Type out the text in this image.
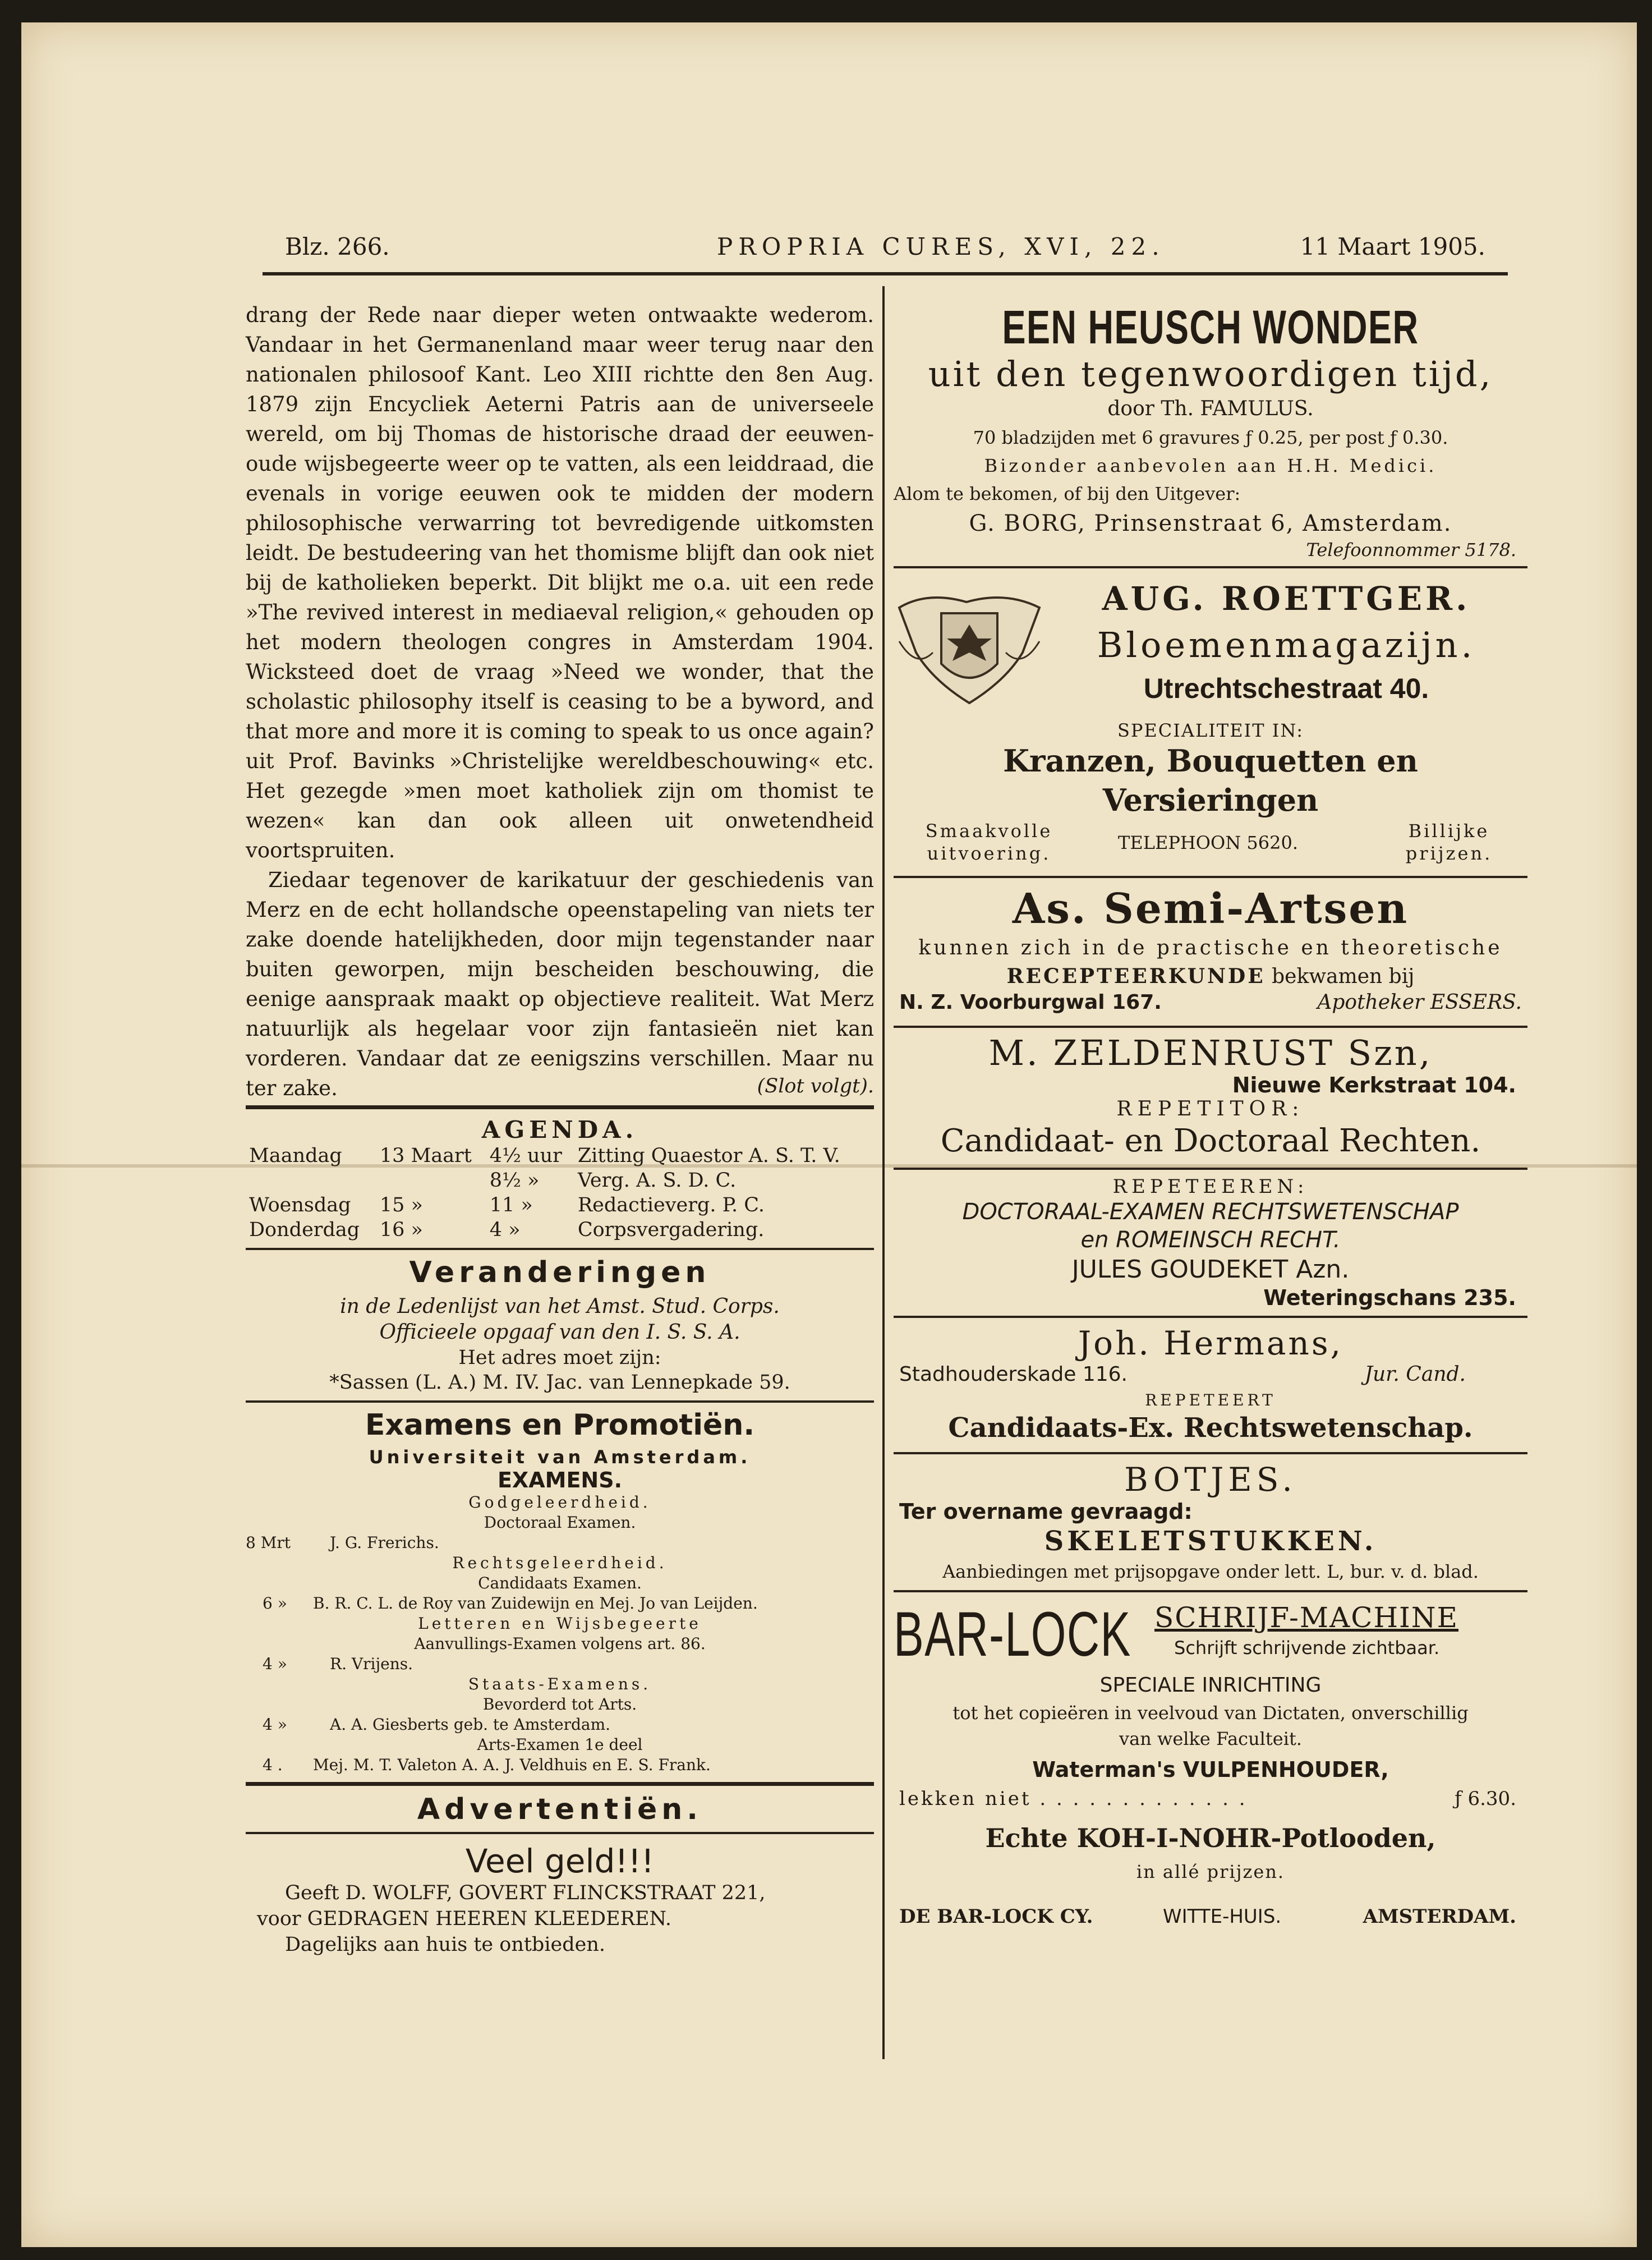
Blz. 266.	PROPRIA CURES, XVI, 22.	11 Maart 1905.

drang der Rede naar dieper weten ontwaakte wederom. Vandaar in het Germanenland maar weer terug naar den nationalen philosoof Kant. Leo XIII richtte den 8en Aug. 1879 zijn Encycliek Aeterni Patris aan de universeele wereld, om bij Thomas de historische draad der eeuwen-oude wijsbegeerte weer op te vatten, als een leiddraad, die evenals in vorige eeuwen ook te midden der modern philosophische verwarring tot bevredigende uitkomsten leidt. De bestudeering van het thomisme blijft dan ook niet bij de katholieken beperkt. Dit blijkt me o.a. uit een rede »The revived interest in mediaeval religion,« gehouden op het modern theologen congres in Amsterdam 1904. Wicksteed doet de vraag »Need we wonder, that the scholastic philosophy itself is ceasing to be a byword, and that more and more it is coming to speak to us once again? uit Prof. Bavinks »Christelijke wereldbeschouwing« etc. Het gezegde »men moet katholiek zijn om thomist te wezen« kan dan ook alleen uit onwetendheid voortspruiten.

Ziedaar tegenover de karikatuur der geschiedenis van Merz en de echt hollandsche opeenstapeling van niets ter zake doende hatelijkheden, door mijn tegenstander naar buiten geworpen, mijn bescheiden beschouwing, die eenige aanspraak maakt op objectieve realiteit. Wat Merz natuurlijk als hegelaar voor zijn fantasieën niet kan vorderen. Vandaar dat ze eenigszins verschillen. Maar nu ter zake.	(Slot volgt).
AGENDA.
Maandag	13 Maart	4½ uur	Zitting Quaestor A. S. T. V.
		8½ »	Verg. A. S. D. C.
Woensdag	15 »	11 »	Redactieverg. P. C.
Donderdag	16 »	4 »	Corpsvergadering.
Veranderingen
in de Ledenlijst van het Amst. Stud. Corps.
Officieele opgaaf van den I. S. S. A.
Het adres moet zijn:
*Sassen (L. A.) M. IV. Jac. van Lennepkade 59.
Examens en Promotiën.
Universiteit van Amsterdam.
EXAMENS.
Godgeleerdheid.
Doctoraal Examen.
8 Mrt J. G. Frerichs.
Rechtsgeleerdheid.
Candidaats Examen.
6 » B. R. C. L. de Roy van Zuidewijn en Mej. Jo van Leijden.
Letteren en Wijsbegeerte
Aanvullings-Examen volgens art. 86.
4 »	R. Vrijens.
Staats-Examens.
Bevorderd tot Arts.
4 »	A. A. Giesberts geb. te Amsterdam.
Arts-Examen 1e deel
4 . Mej. M. T. Valeton A. A. J. Veldhuis en E. S. Frank.
Advertentiën.
Veel geld!!!
Geeft D. WOLFF, GOVERT FLINCKSTRAAT 221,
voor GEDRAGEN HEEREN KLEEDEREN.
Dagelijks aan huis te ontbieden.
EEN HEUSCH WONDER
uit den tegenwoordigen tijd,
door Th. FAMULUS.
70 bladzijden met 6 gravures ƒ 0.25, per post ƒ 0.30.
Bizonder aanbevolen aan H.H. Medici.
Alom te bekomen, of bij den Uitgever:
G. BORG, Prinsenstraat 6, Amsterdam.
Telefoonnommer 5178.
AUG. ROETTGER.
Bloemenmagazijn.
Utrechtschestraat 40.
SPECIALITEIT IN:
Kranzen, Bouquetten en Versieringen
Smaakvolle uitvoering.	TELEPHOON 5620.
Billijke prijzen.
As. Semi-Artsen
kunnen zich in de practische en theoretische
RECEPTEERKUNDE bekwamen bij
N. Z. Voorburgwal 167.	Apotheker ESSERS.
M. ZELDENRUST Szn,
Nieuwe Kerkstraat 104.
REPETITOR:
Candidaat- en Doctoraal Rechten.
REPETEEREN:
DOCTORAAL-EXAMEN RECHTSWETENSCHAP
en ROMEINSCH RECHT.
JULES GOUDEKET Azn.
Weteringschans 235.
Joh. Hermans,
Stadhouderskade 116.	Jur. Cand.
REPETEERT
Candidaats-Ex. Rechtswetenschap.
BOTJES.
Ter overname gevraagd:
SKELETSTUKKEN.
Aanbiedingen met prijsopgave onder lett. L, bur. v. d. blad.
BAR-LOCK SCHRIJF-MACHINE
Schrijft schrijvende zichtbaar.
SPECIALE INRICHTING
tot het copieëren in veelvoud van Dictaten, onverschillig
van welke Faculteit.
Waterman's VULPENHOUDER,
lekken niet . . . . . . . . . . . . .	ƒ 6.30.
Echte KOH-I-NOHR-Potlooden,
in allé prijzen.
DE BAR-LOCK CY.	WITTE-HUIS.	AMSTERDAM.
